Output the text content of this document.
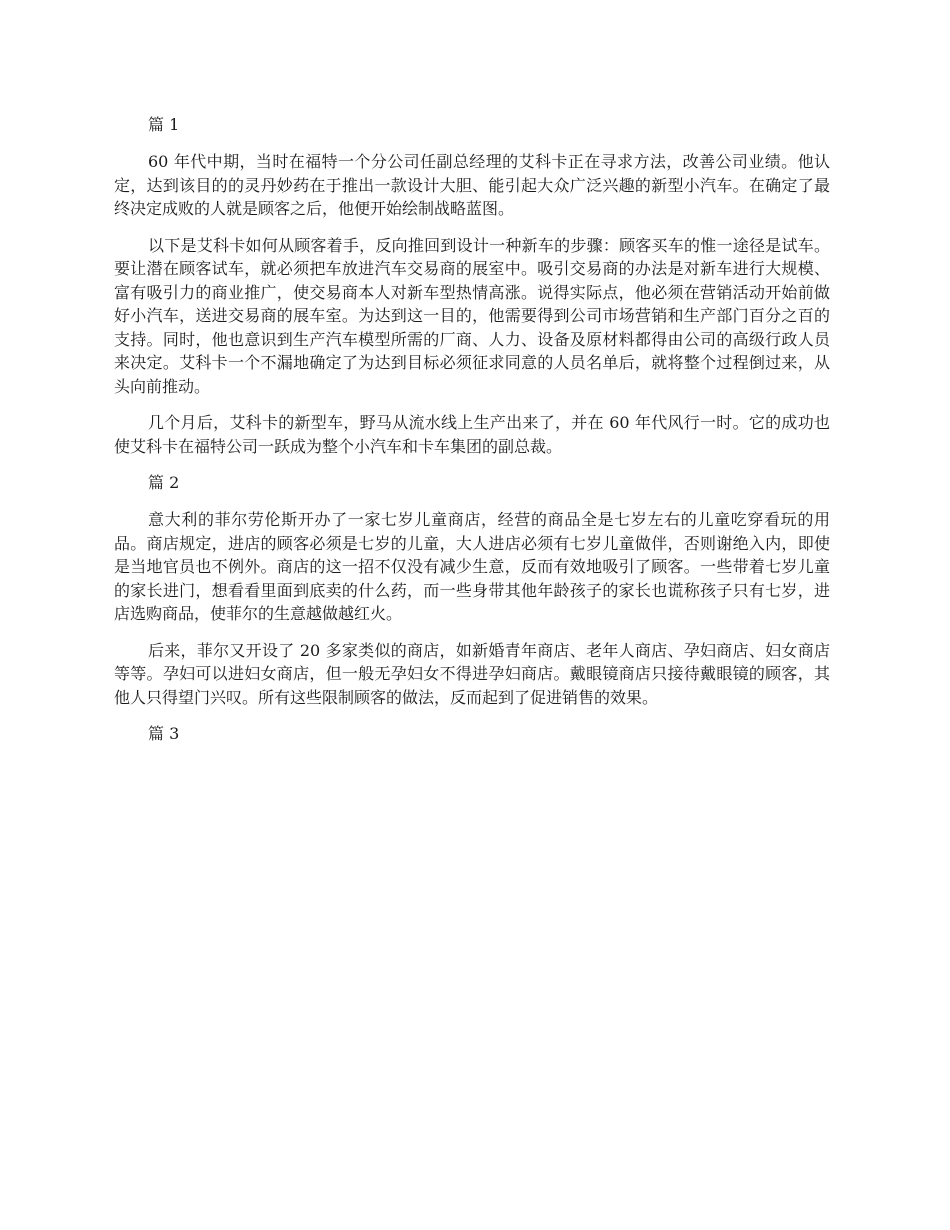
篇 1

60 年代中期，当时在福特一个分公司任副总经理的艾科卡正在寻求方法，改善公司业绩。他认定，达到该目的的灵丹妙药在于推出一款设计大胆、能引起大众广泛兴趣的新型小汽车。在确定了最终决定成败的人就是顾客之后，他便开始绘制战略蓝图。

以下是艾科卡如何从顾客着手，反向推回到设计一种新车的步骤：顾客买车的惟一途径是试车。要让潜在顾客试车，就必须把车放进汽车交易商的展室中。吸引交易商的办法是对新车进行大规模、富有吸引力的商业推广，使交易商本人对新车型热情高涨。说得实际点，他必须在营销活动开始前做好小汽车，送进交易商的展车室。为达到这一目的，他需要得到公司市场营销和生产部门百分之百的支持。同时，他也意识到生产汽车模型所需的厂商、人力、设备及原材料都得由公司的高级行政人员来决定。艾科卡一个不漏地确定了为达到目标必须征求同意的人员名单后，就将整个过程倒过来，从头向前推动。

几个月后，艾科卡的新型车，野马从流水线上生产出来了，并在 60 年代风行一时。它的成功也使艾科卡在福特公司一跃成为整个小汽车和卡车集团的副总裁。

篇 2

意大利的菲尔劳伦斯开办了一家七岁儿童商店，经营的商品全是七岁左右的儿童吃穿看玩的用品。商店规定，进店的顾客必须是七岁的儿童，大人进店必须有七岁儿童做伴，否则谢绝入内，即使是当地官员也不例外。商店的这一招不仅没有减少生意，反而有效地吸引了顾客。一些带着七岁儿童的家长进门，想看看里面到底卖的什么药，而一些身带其他年龄孩子的家长也谎称孩子只有七岁，进店选购商品，使菲尔的生意越做越红火。

后来，菲尔又开设了 20 多家类似的商店，如新婚青年商店、老年人商店、孕妇商店、妇女商店等等。孕妇可以进妇女商店，但一般无孕妇女不得进孕妇商店。戴眼镜商店只接待戴眼镜的顾客，其他人只得望门兴叹。所有这些限制顾客的做法，反而起到了促进销售的效果。

篇 3
